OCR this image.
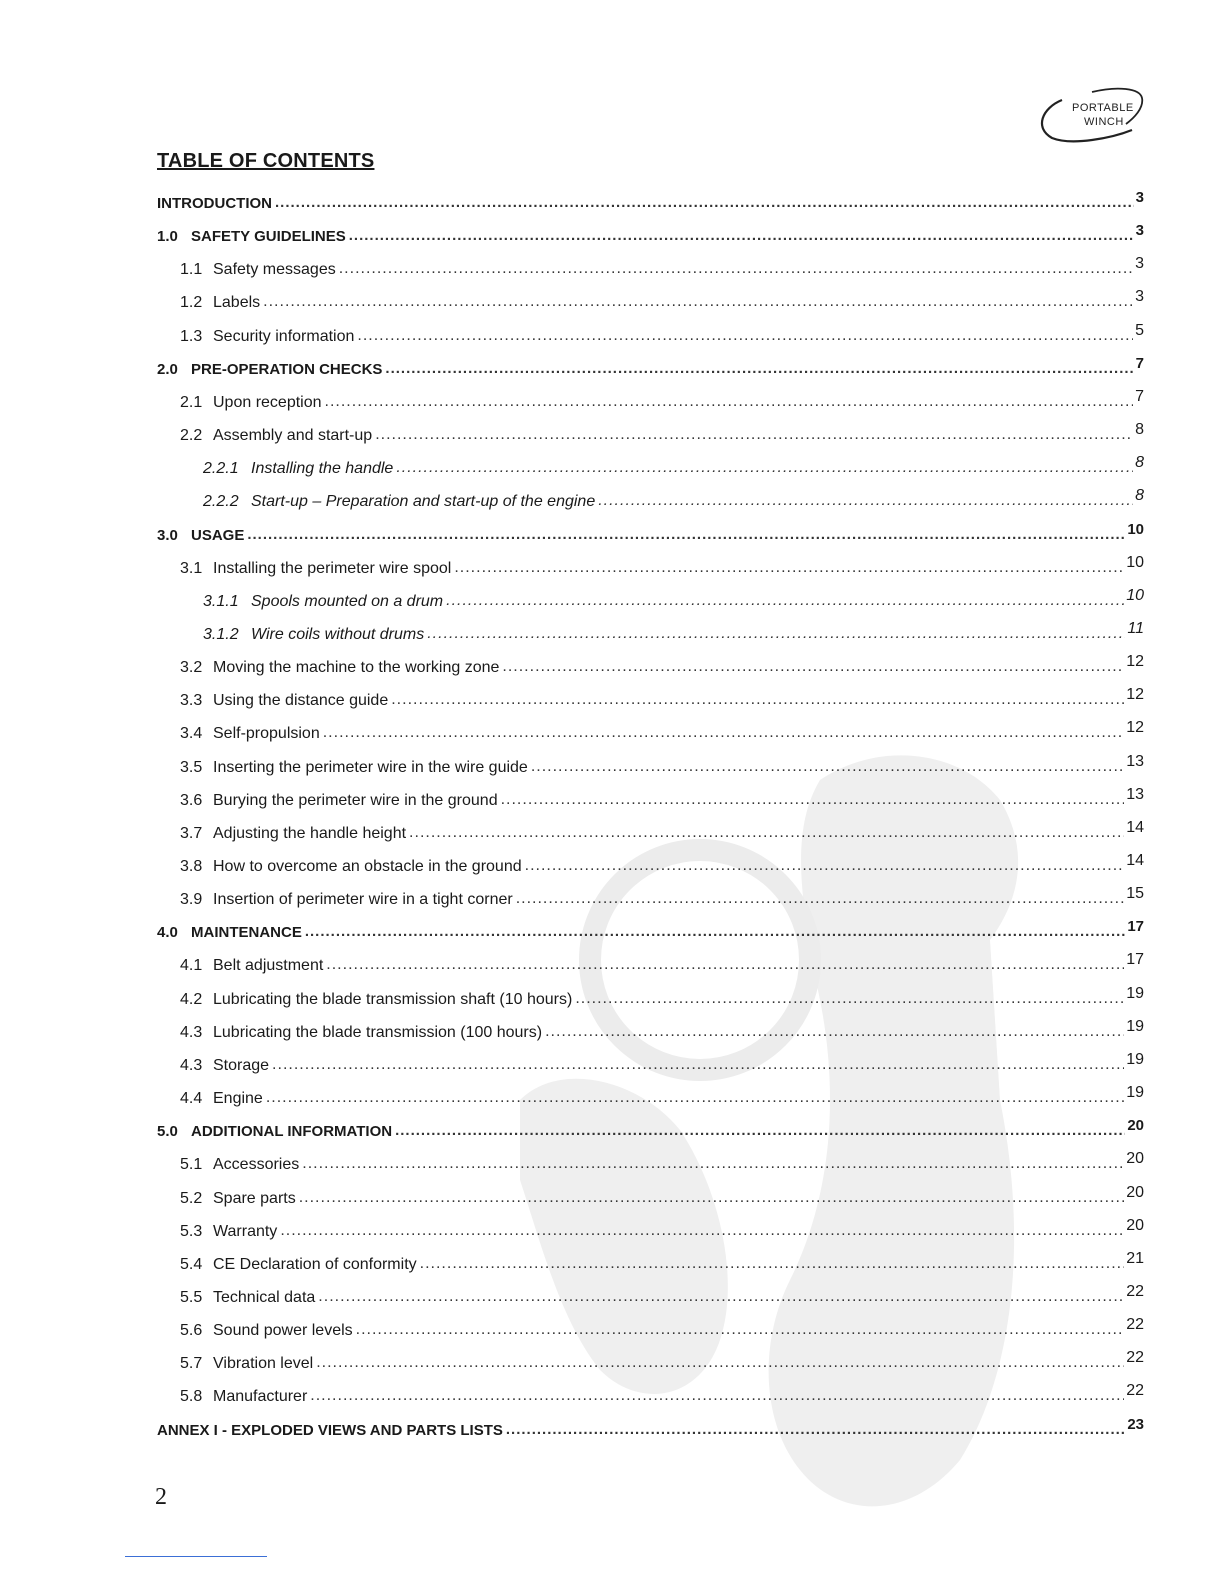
PORTABLE
WINCH
TABLE OF CONTENTS
INTRODUCTION .....	3
1.0 SAFETY GUIDELINES .....	3
1.1 Safety messages .....	3
1.2 Labels .....	3
1.3 Security information .....	5
2.0 PRE-OPERATION CHECKS .....	7
2.1 Upon reception .....	7
2.2 Assembly and start-up .....	8
2.2.1 Installing the handle .....	8
2.2.2 Start-up – Preparation and start-up of the engine .....	8
3.0 USAGE .....	10
3.1 Installing the perimeter wire spool .....	10
3.1.1 Spools mounted on a drum .....	10
3.1.2 Wire coils without drums .....	11
3.2 Moving the machine to the working zone .....	12
3.3 Using the distance guide .....	12
3.4 Self-propulsion .....	12
3.5 Inserting the perimeter wire in the wire guide .....	13
3.6 Burying the perimeter wire in the ground .....	13
3.7 Adjusting the handle height .....	14
3.8 How to overcome an obstacle in the ground .....	14
3.9 Insertion of perimeter wire in a tight corner .....	15
4.0 MAINTENANCE .....	17
4.1 Belt adjustment .....	17
4.2 Lubricating the blade transmission shaft (10 hours) .....	19
4.3 Lubricating the blade transmission (100 hours) .....	19
4.3 Storage .....	19
4.4 Engine .....	19
5.0 ADDITIONAL INFORMATION .....	20
5.1 Accessories .....	20
5.2 Spare parts .....	20
5.3 Warranty .....	20
5.4 CE Declaration of conformity .....	21
5.5 Technical data .....	22
5.6 Sound power levels .....	22
5.7 Vibration level .....	22
5.8 Manufacturer .....	22
ANNEX I - EXPLODED VIEWS AND PARTS LISTS .....	23
2
